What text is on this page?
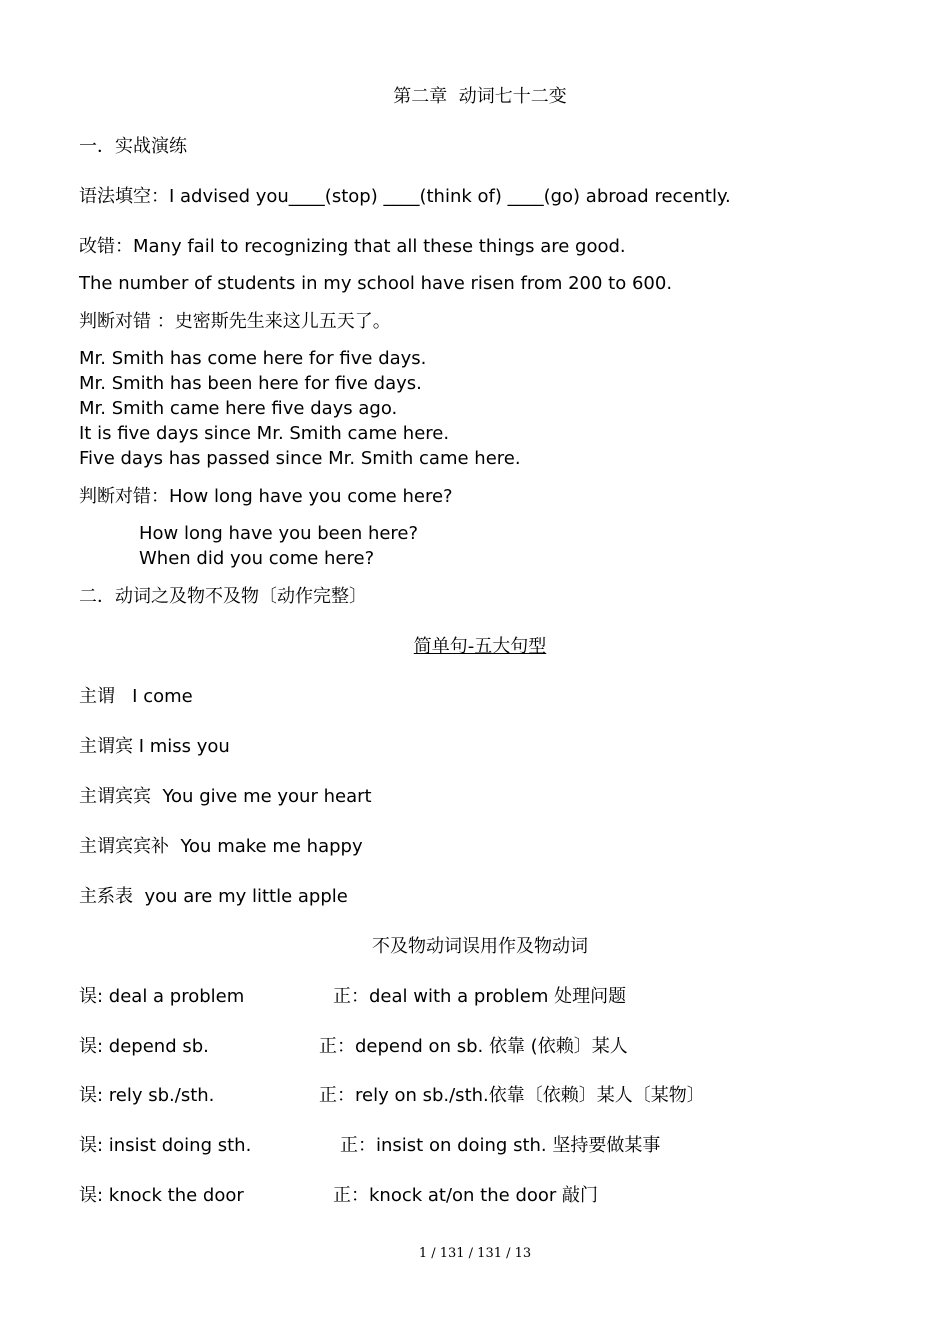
第二章  动词七十二变
一．实战演练
语法填空：I advised you____(stop) ____(think of) ____(go) abroad recently.
改错：Many fail to recognizing that all these things are good.
The number of students in my school have risen from 200 to 600.
判断对错 ：史密斯先生来这儿五天了。
Mr. Smith has come here for five days.
Mr. Smith has been here for five days.
Mr. Smith came here five days ago.
It is five days since Mr. Smith came here.
Five days has passed since Mr. Smith came here.
判断对错：How long have you come here?
How long have you been here?
When did you come here?
二．动词之及物不及物〔动作完整〕
简单句-五大句型
主谓   I come
主谓宾 I miss you
主谓宾宾  You give me your heart
主谓宾宾补  You make me happy
主系表  you are my little apple
不及物动词误用作及物动词
误: deal a problem	正：deal with a problem 处理问题
误: depend sb.	正：depend on sb. 依靠 (依赖〕某人
误: rely sb./sth.	正：rely on sb./sth.依靠〔依赖〕某人〔某物〕
误: insist doing sth.	正：insist on doing sth. 坚持要做某事
误: knock the door	正：knock at/on the door 敲门
1 / 131 / 131 / 13
